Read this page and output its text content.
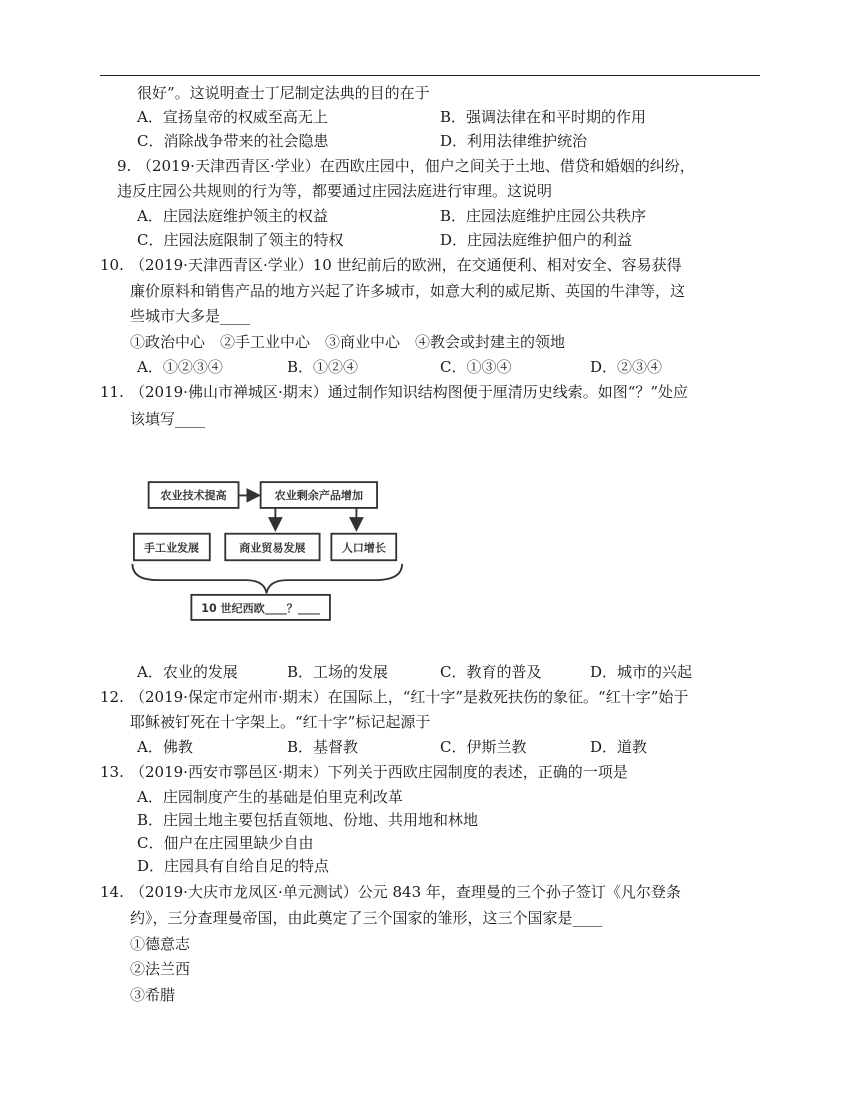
很好”。这说明查士丁尼制定法典的目的在于
A．宣扬皇帝的权威至高无上	B．强调法律在和平时期的作用
C．消除战争带来的社会隐患	D．利用法律维护统治
9. （2019·天津西青区·学业）在西欧庄园中，佃户之间关于土地、借贷和婚姻的纠纷，
违反庄园公共规则的行为等，都要通过庄园法庭进行审理。这说明
A．庄园法庭维护领主的权益	B．庄园法庭维护庄园公共秩序
C．庄园法庭限制了领主的特权	D．庄园法庭维护佃户的利益
10. （2019·天津西青区·学业）10 世纪前后的欧洲，在交通便利、相对安全、容易获得
廉价原料和销售产品的地方兴起了许多城市，如意大利的威尼斯、英国的牛津等，这
些城市大多是____
①政治中心　②手工业中心　③商业中心　④教会或封建主的领地
A．①②③④	B．①②④	C．①③④	D．②③④
11. （2019·佛山市禅城区·期末）通过制作知识结构图便于厘清历史线索。如图“？”处应
该填写____
农业技术提高	农业剩余产品增加
手工业发展	商业贸易发展 人口增长
10 世纪西欧____？____
A．农业的发展	B．工场的发展	C．教育的普及	D．城市的兴起
12. （2019·保定市定州市·期末）在国际上，“红十字”是救死扶伤的象征。“红十字”始于
耶稣被钉死在十字架上。“红十字”标记起源于
A．佛教	B．基督教	C．伊斯兰教	D．道教
13. （2019·西安市鄠邑区·期末）下列关于西欧庄园制度的表述，正确的一项是
A．庄园制度产生的基础是伯里克利改革
B．庄园土地主要包括直领地、份地、共用地和林地
C．佃户在庄园里缺少自由
D．庄园具有自给自足的特点
14. （2019·大庆市龙凤区·单元测试）公元 843 年，查理曼的三个孙子签订《凡尔登条
约》，三分查理曼帝国，由此奠定了三个国家的雏形，这三个国家是____
①德意志
②法兰西
③希腊
